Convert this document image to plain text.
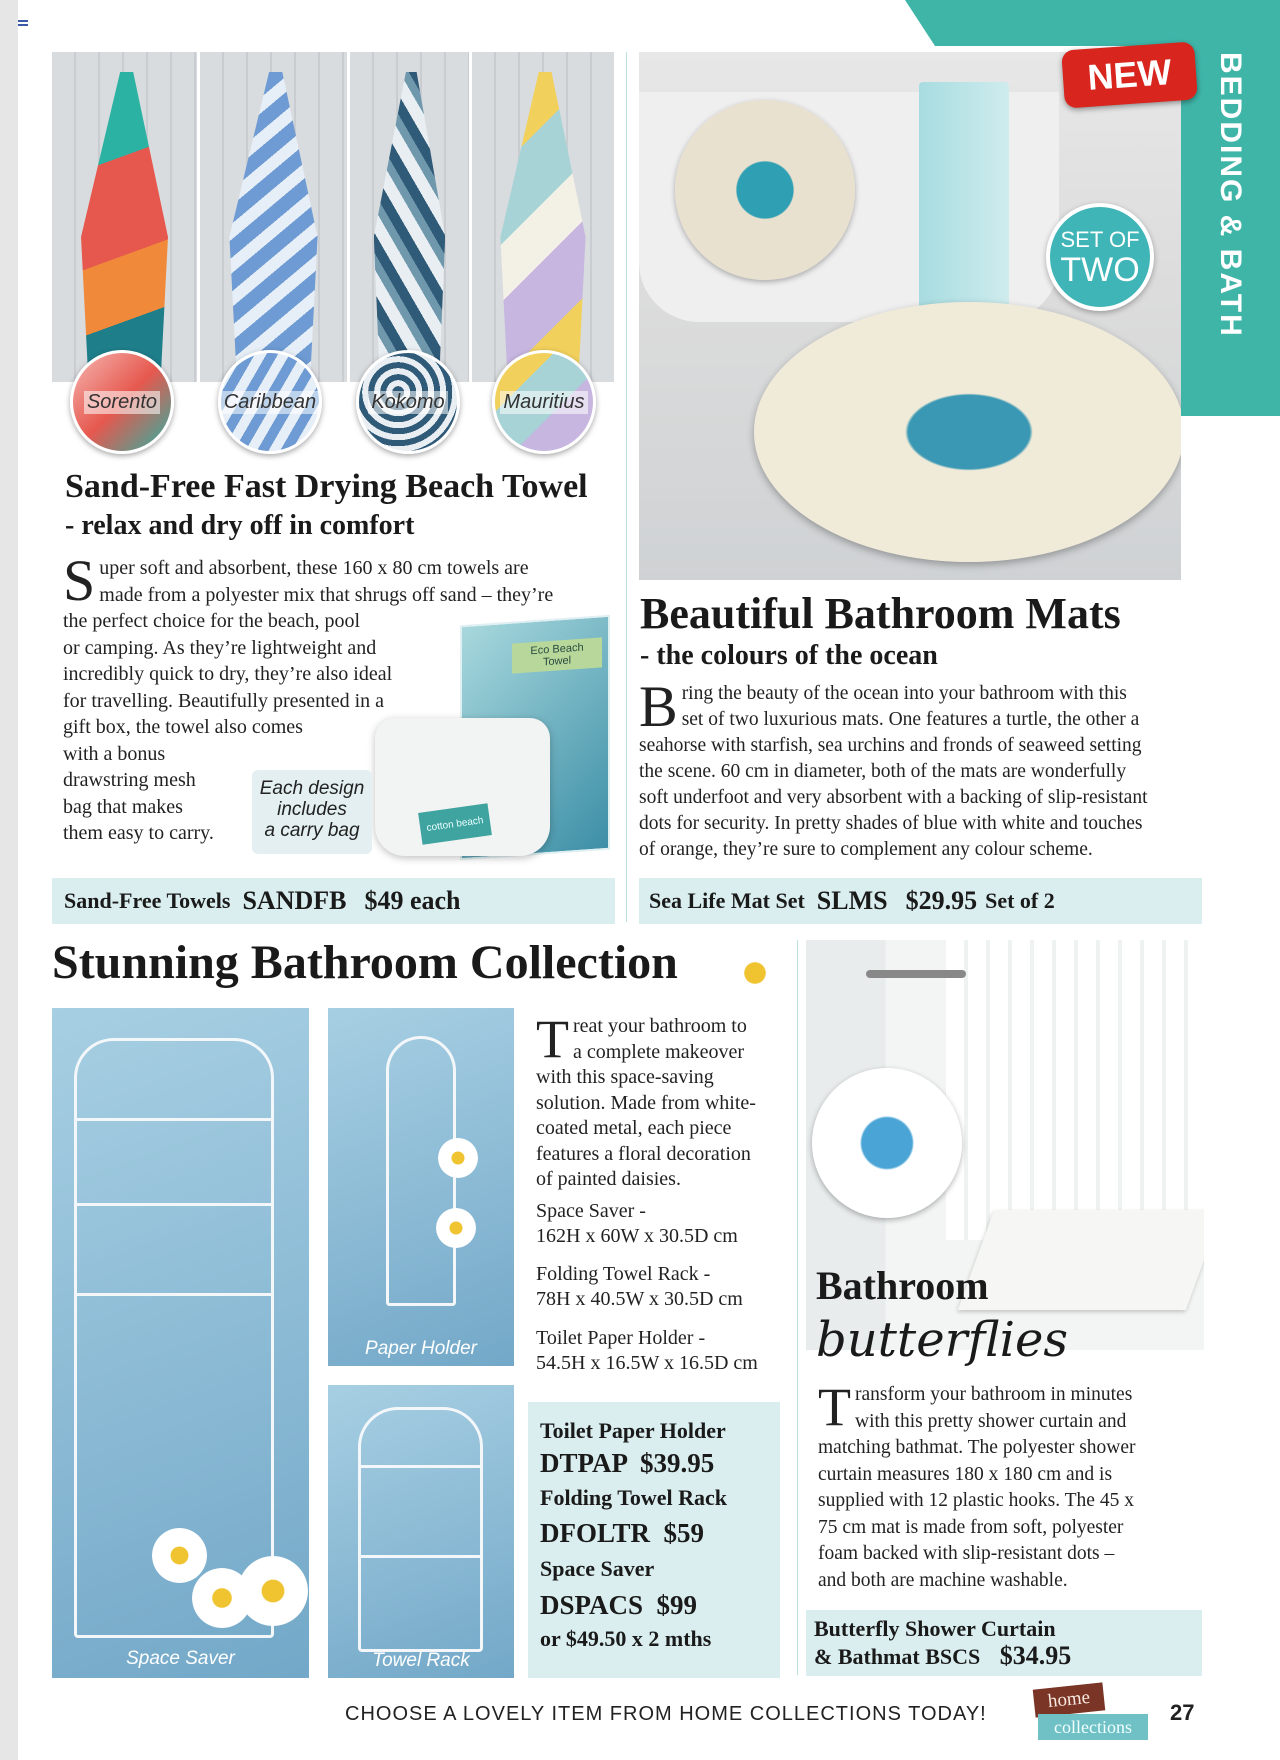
BEDDING & BATH
Sorento	Caribbean	Kokomo	Mauritius
Sand-Free Fast Drying Beach Towel
- relax and dry off in comfort
S uper soft and absorbent, these 160 x 80 cm towels are
made from a polyester mix that shrugs off sand – they’re
the perfect choice for the beach, pool
or camping. As they’re lightweight and
incredibly quick to dry, they’re also ideal
for travelling. Beautifully presented in a
gift box, the towel also comes
with a bonus
drawstring mesh
bag that makes
them easy to carry.
Eco Beach Towel
cotton beach
Each design
includes
a carry bag
Sand-Free Towels SANDFB $49 each
NEW
SET OF
TWO
Beautiful Bathroom Mats
- the colours of the ocean
B ring the beauty of the ocean into your bathroom with this
set of two luxurious mats. One features a turtle, the other a
seahorse with starfish, sea urchins and fronds of seaweed setting
the scene. 60 cm in diameter, both of the mats are wonderfully
soft underfoot and very absorbent with a backing of slip-resistant
dots for security. In pretty shades of blue with white and touches
of orange, they’re sure to complement any colour scheme.
Sea Life Mat Set SLMS $29.95 Set of 2
Stunning Bathroom Collection
Space Saver
Paper Holder
Towel Rack
T reat your bathroom to
a complete makeover
with this space-saving
solution. Made from white-
coated metal, each piece
features a floral decoration
of painted daisies.
Space Saver -
162H x 60W x 30.5D cm
Folding Towel Rack -
78H x 40.5W x 30.5D cm
Toilet Paper Holder -
54.5H x 16.5W x 16.5D cm
Toilet Paper Holder
DTPAP  $39.95
Folding Towel Rack
DFOLTR  $59
Space Saver
DSPACS  $99
or $49.50 x 2 mths
Bathroom
butterflies
T ransform your bathroom in minutes
with this pretty shower curtain and
matching bathmat. The polyester shower
curtain measures 180 x 180 cm and is
supplied with 12 plastic hooks. The 45 x
75 cm mat is made from soft, polyester
foam backed with slip-resistant dots –
and both are machine washable.
Butterfly Shower Curtain
& Bathmat BSCS $34.95
CHOOSE A LOVELY ITEM FROM HOME COLLECTIONS TODAY!
home
collections
27
